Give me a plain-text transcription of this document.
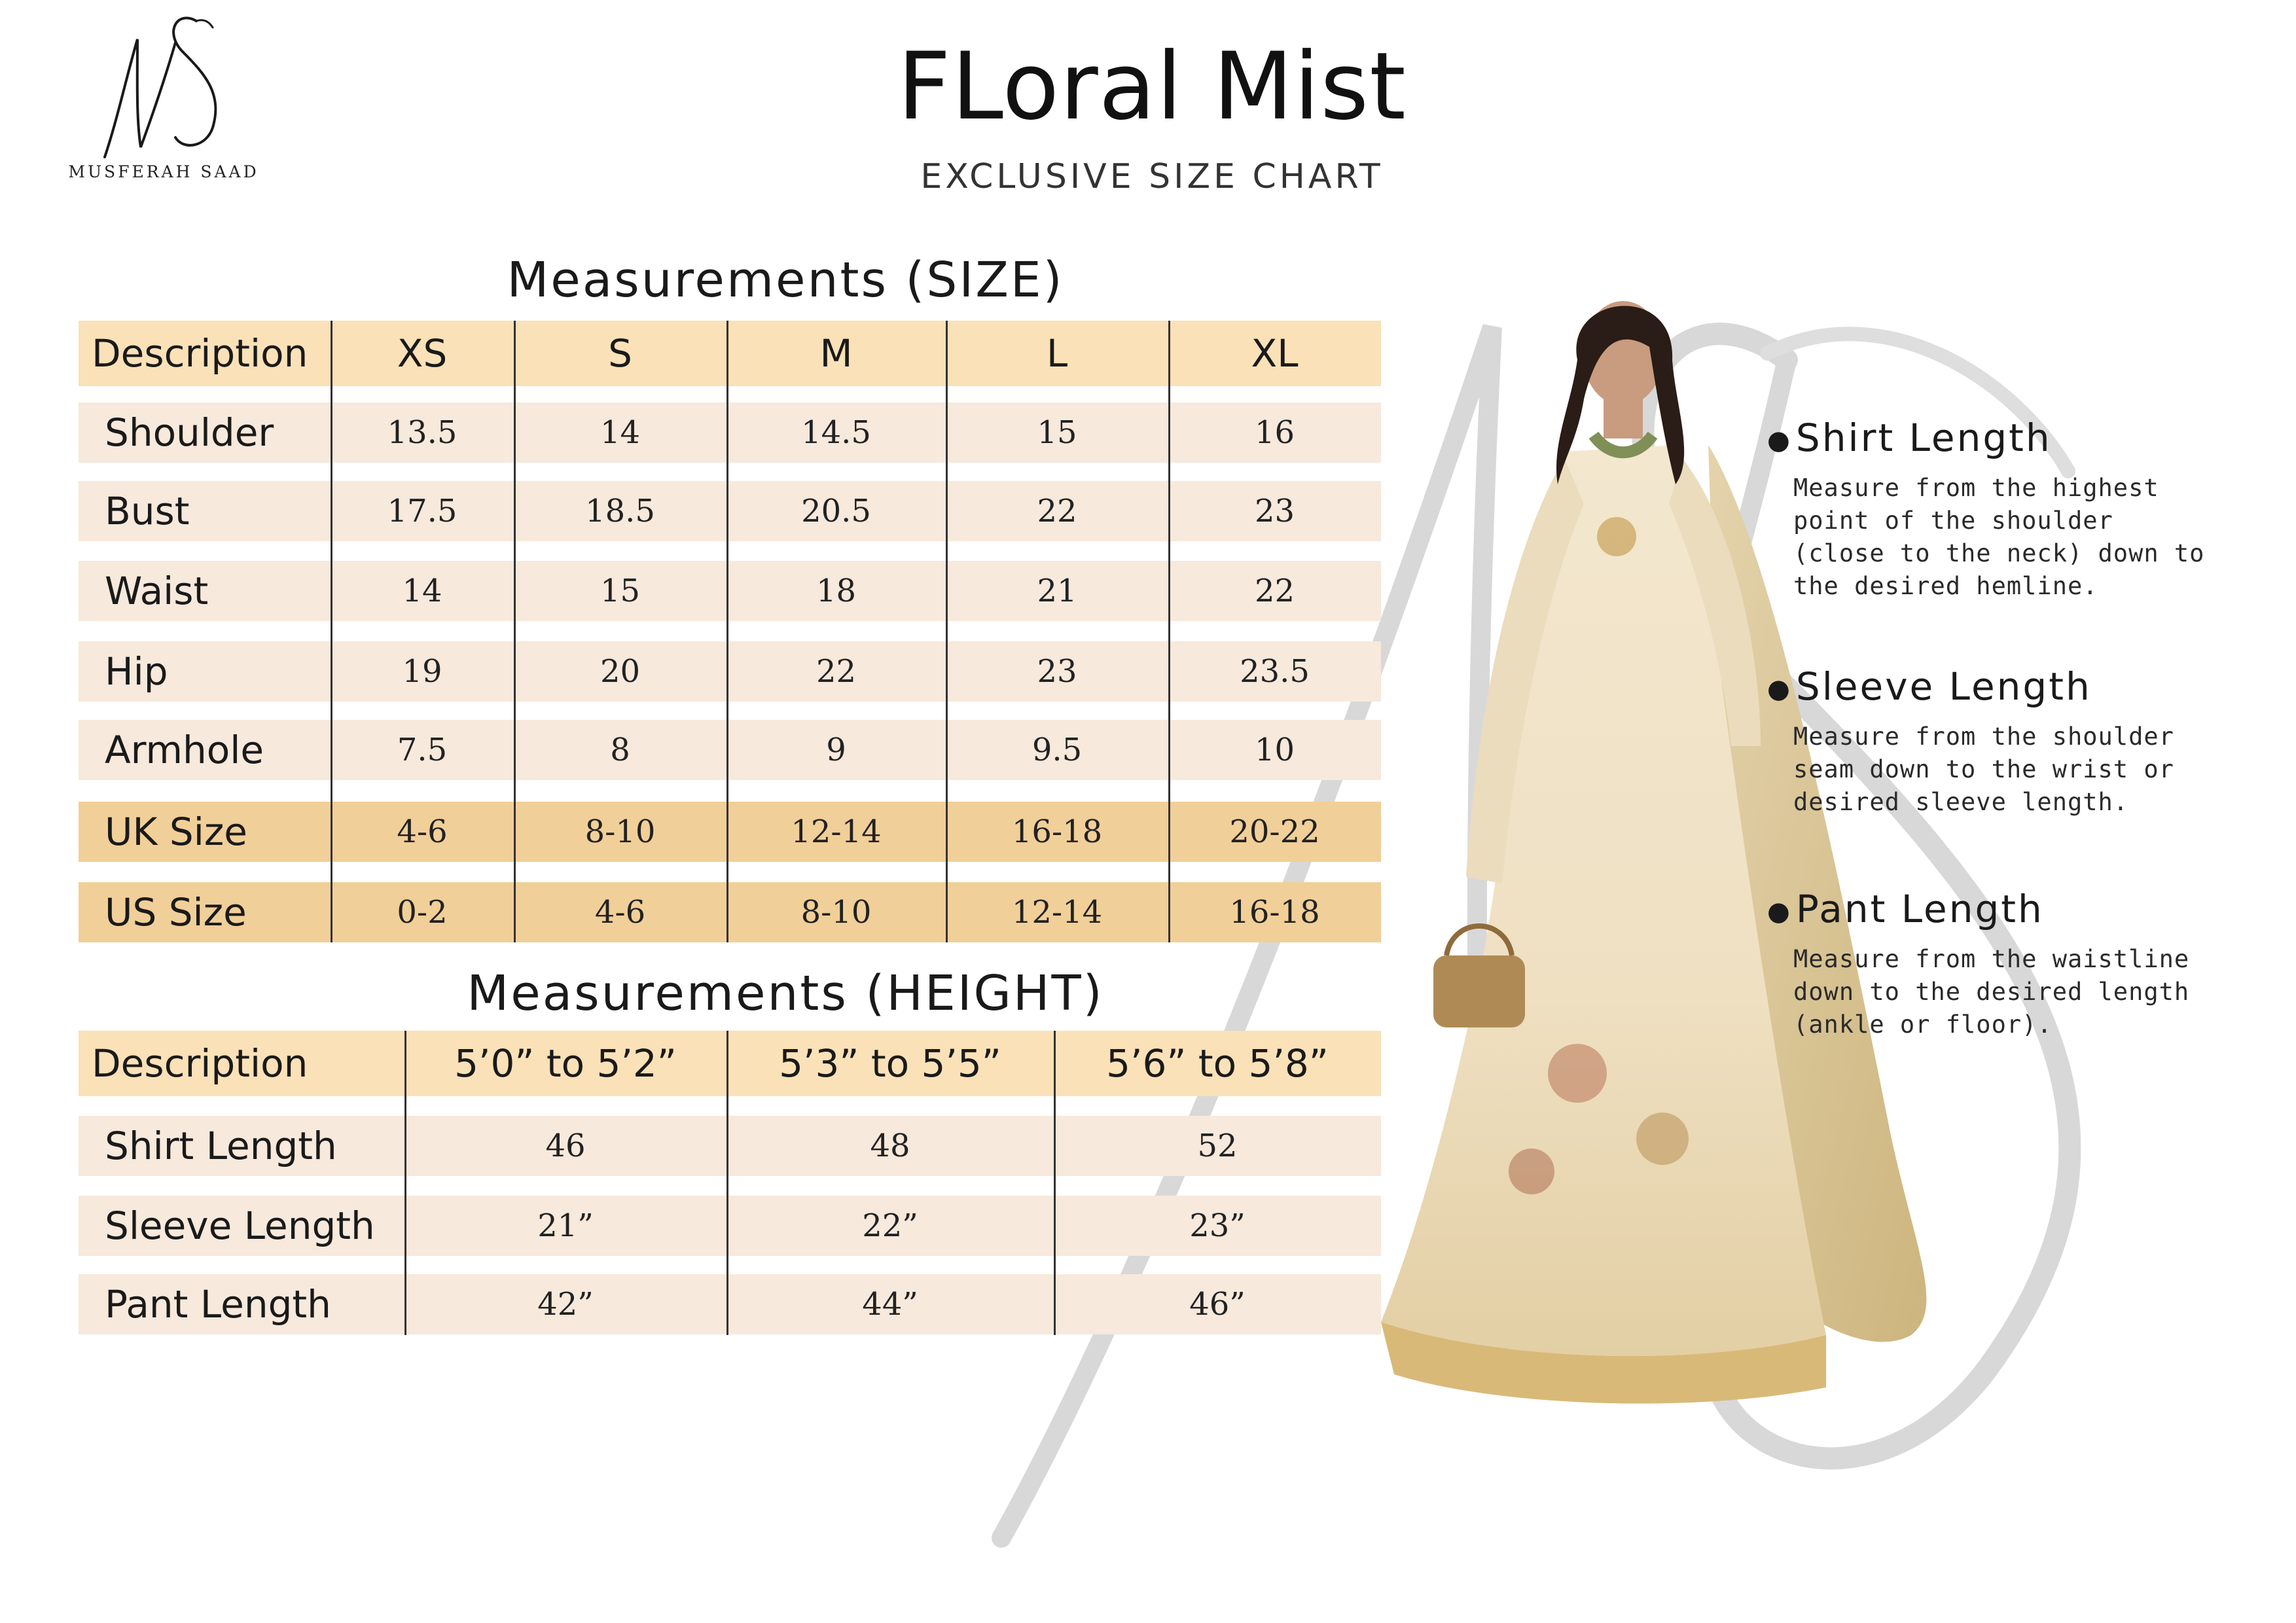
MUSFERAH SAAD
FLoral Mist
EXCLUSIVE SIZE CHART
Measurements (SIZE)
Description	XS	S	M	L	XL
Shoulder	13.5	14	14.5	15	16
Bust	17.5	18.5	20.5	22	23
Waist	14	15	18	21	22
Hip	19	20	22	23	23.5
Armhole	7.5	8	9	9.5	10
UK Size	4-6	8-10	12-14	16-18	20-22
US Size	0-2	4-6	8-10	12-14	16-18
Measurements (HEIGHT)
Description	5’0” to 5’2”	5’3” to 5’5”	5’6” to 5’8”
Shirt Length	46	48	52
Sleeve Length	21”	22”	23”
Pant Length	42”	44”	46”
● Shirt Length
Measure from the highest
point of the shoulder
(close to the neck) down to
the desired hemline.
● Sleeve Length
Measure from the shoulder
seam down to the wrist or
desired sleeve length.
● Pant Length
Measure from the waistline
down to the desired length
(ankle or floor).
